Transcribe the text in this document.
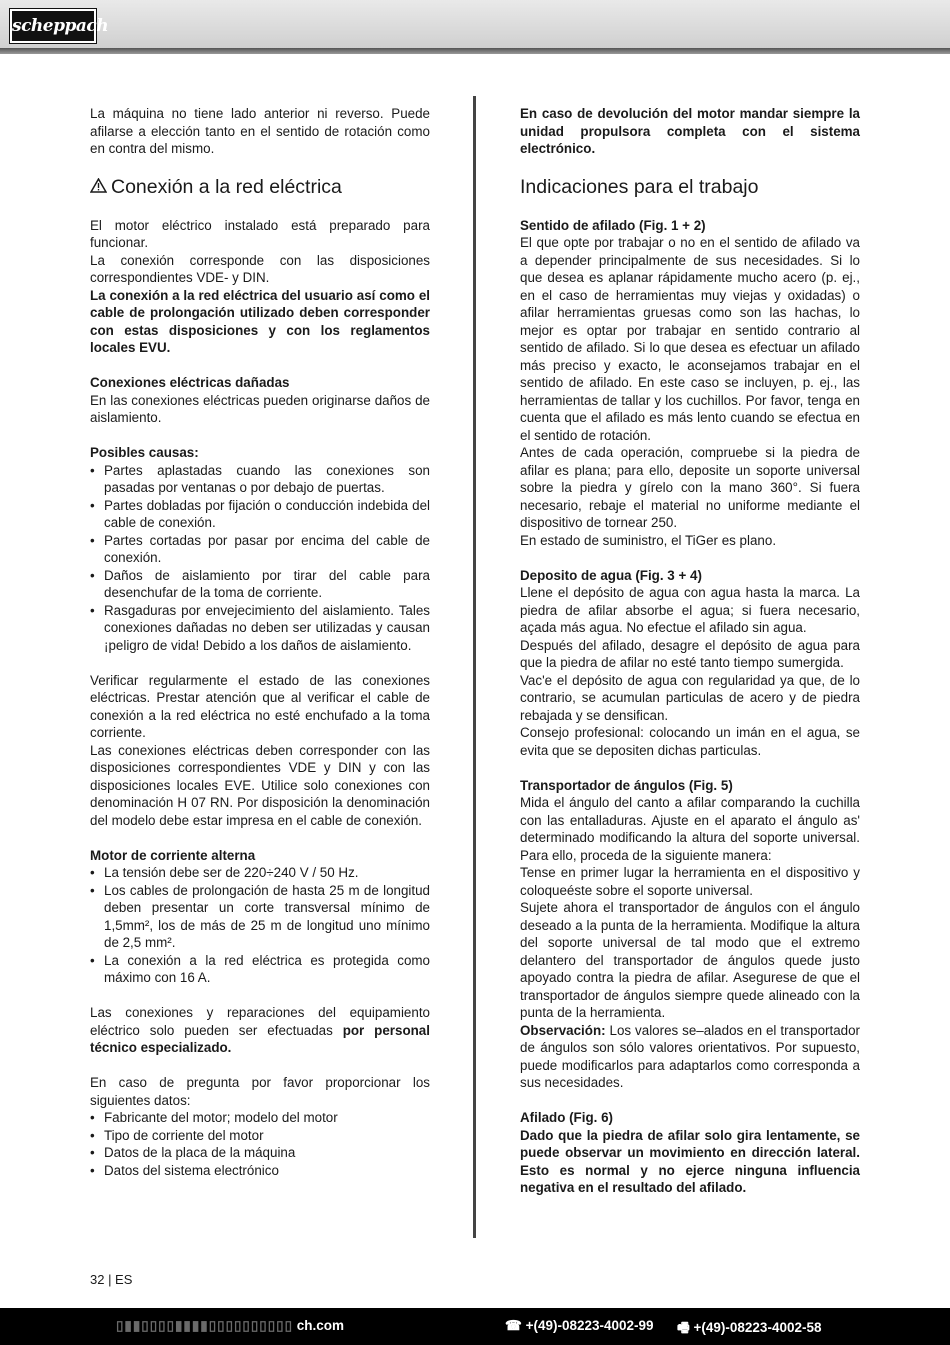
scheppach

La máquina no tiene lado anterior ni reverso. Puede afilarse a elección tanto en el sentido de rotación como en contra del mismo.

Conexión a la red eléctrica

El motor eléctrico instalado está preparado para funcionar.

La conexión corresponde con las disposiciones correspondientes VDE- y DIN.

La conexión a la red eléctrica del usuario así como el cable de prolongación utilizado deben corresponder con estas disposiciones y con los reglamentos locales EVU.

Conexiones eléctricas dañadas

En las conexiones eléctricas pueden originarse daños de aislamiento.

Posibles causas:

• Partes aplastadas cuando las conexiones son pasadas por ventanas o por debajo de puertas.
• Partes dobladas por fijación o conducción indebida del cable de conexión.
• Partes cortadas por pasar por encima del cable de conexión.
• Daños de aislamiento por tirar del cable para desenchufar de la toma de corriente.
• Rasgaduras por envejecimiento del aislamiento. Tales conexiones dañadas no deben ser utilizadas y causan ¡peligro de vida! Debido a los daños de aislamiento.

Verificar regularmente el estado de las conexiones eléctricas. Prestar atención que al verificar el cable de conexión a la red eléctrica no esté enchufado a la toma corriente.

Las conexiones eléctricas deben corresponder con las disposiciones correspondientes VDE y DIN y con las disposiciones locales EVE. Utilice solo conexiones con denominación H 07 RN. Por disposición la denominación del modelo debe estar impresa en el cable de conexión.

Motor de corriente alterna

• La tensión debe ser de 220÷240 V / 50 Hz.
• Los cables de prolongación de hasta 25 m de longitud deben presentar un corte transversal mínimo de 1,5mm², los de más de 25 m de longitud uno mínimo de 2,5 mm².
• La conexión a la red eléctrica es protegida como máximo con 16 A.

Las conexiones y reparaciones del equipamiento eléctrico solo pueden ser efectuadas por personal técnico especializado.

En caso de pregunta por favor proporcionar los siguientes datos:

• Fabricante del motor; modelo del motor
• Tipo de corriente del motor
• Datos de la placa de la máquina
• Datos del sistema electrónico

En caso de devolución del motor mandar siempre la unidad propulsora completa con el sistema electrónico.

Indicaciones para el trabajo

Sentido de afilado (Fig. 1 + 2)

El que opte por trabajar o no en el sentido de afilado va a depender principalmente de sus necesidades. Si lo que desea es aplanar rápidamente mucho acero (p. ej., en el caso de herramientas muy viejas y oxidadas) o afilar herramientas gruesas como son las hachas, lo mejor es optar por trabajar en sentido contrario al sentido de afilado. Si lo que desea es efectuar un afilado más preciso y exacto, le aconsejamos trabajar en el sentido de afilado. En este caso se incluyen, p. ej., las herramientas de tallar y los cuchillos. Por favor, tenga en cuenta que el afilado es más lento cuando se efectua en el sentido de rotación.

Antes de cada operación, compruebe si la piedra de afilar es plana; para ello, deposite un soporte universal sobre la piedra y gírelo con la mano 360°. Si fuera necesario, rebaje el material no uniforme mediante el dispositivo de tornear 250.

En estado de suministro, el TiGer es plano.

Deposito de agua (Fig. 3 + 4)

Llene el depósito de agua con agua hasta la marca. La piedra de afilar absorbe el agua; si fuera necesario, açada más agua. No efectue el afilado sin agua.

Después del afilado, desagre el depósito de agua para que la piedra de afilar no esté tanto tiempo sumergida.

Vac'e el depósito de agua con regularidad ya que, de lo contrario, se acumulan particulas de acero y de piedra rebajada y se densifican.

Consejo profesional: colocando un imán en el agua, se evita que se depositen dichas particulas.

Transportador de ángulos (Fig. 5)

Mida el ángulo del canto a afilar comparando la cuchilla con las entalladuras. Ajuste en el aparato el ángulo as' determinado modificando la altura del soporte universal. Para ello, proceda de la siguiente manera:

Tense en primer lugar la herramienta en el dispositivo y coloqueéste sobre el soporte universal.

Sujete ahora el transportador de ángulos con el ángulo deseado a la punta de la herramienta. Modifique la altura del soporte universal de tal modo que el extremo delantero del transportador de ángulos quede justo apoyado contra la piedra de afilar. Asegurese de que el transportador de ángulos siempre quede alineado con la punta de la herramienta.

Observación: Los valores se–alados en el transportador de ángulos son sólo valores orientativos. Por supuesto, puede modificarlos para adaptarlos como corresponda a sus necesidades.

Afilado (Fig. 6)

Dado que la piedra de afilar solo gira lentamente, se puede observar un movimiento en dirección lateral. Esto es normal y no ejerce ninguna influencia negativa en el resultado del afilado.

32 | ES
▯▮▮▯▯▯▯▮▮▮▮▯▯▯▯▯▯▯▯▯▯ ch.com	☎ +(49)-08223-4002-99 🖷 +(49)-08223-4002-58
